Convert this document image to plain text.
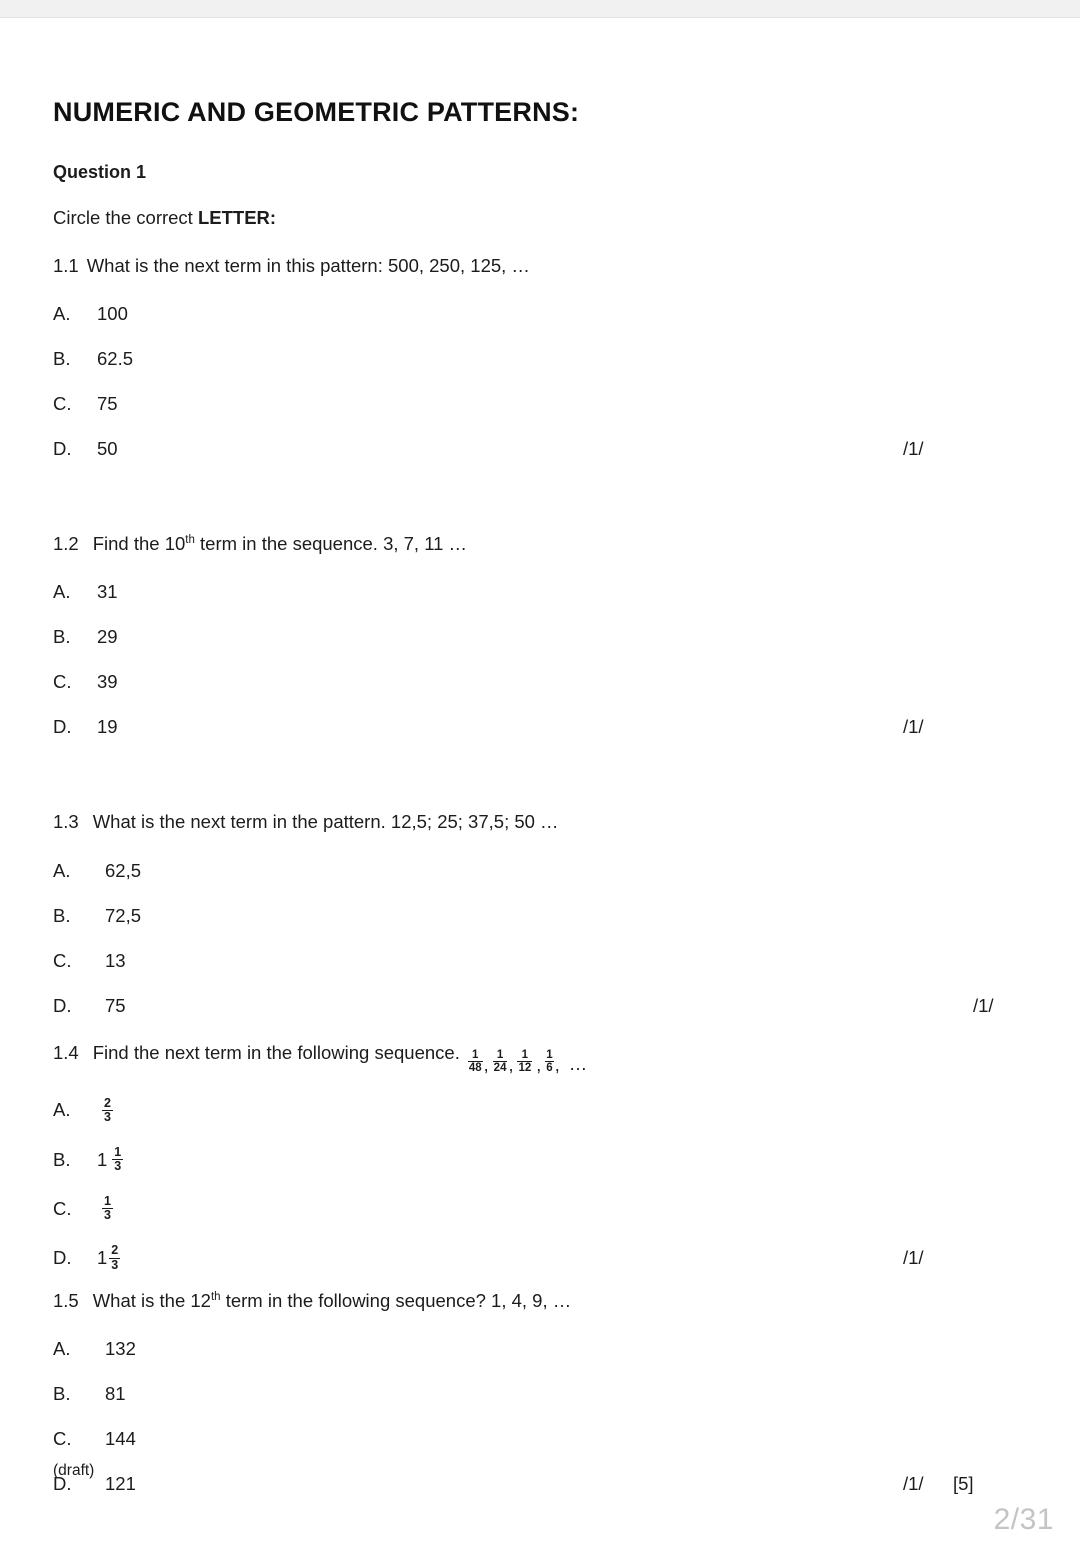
NUMERIC AND GEOMETRIC PATTERNS:
Question 1
Circle the correct LETTER:
1.1 What is the next term in this pattern: 500, 250, 125, …
A.	100
B.	62.5
C.	75
D.	50	/1/
1.2 Find the 10th term in the sequence. 3, 7, 11 …
A.	31
B.	29
C.	39
D.	19	/1/
1.3 What is the next term in the pattern. 12,5; 25; 37,5; 50 …
A.	62,5
B.	72,5
C.	13
D.	75	/1/
1.4 Find the next term in the following sequence. $\frac{1}{48}$ , $\frac{1}{24}$ , $\frac{1}{12}$ , $\frac{1}{6}$ , …
A.	$\frac{2}{3}$
B.	$1 \frac{1}{3}$
C.	$\frac{1}{3}$
D.	$1 \frac{2}{3}$	/1/
1.5 What is the 12th term in the following sequence? 1, 4, 9, …
A.	132
B.	81
C.	144
D.	121	/1/ [5]
(draft)
2/31
